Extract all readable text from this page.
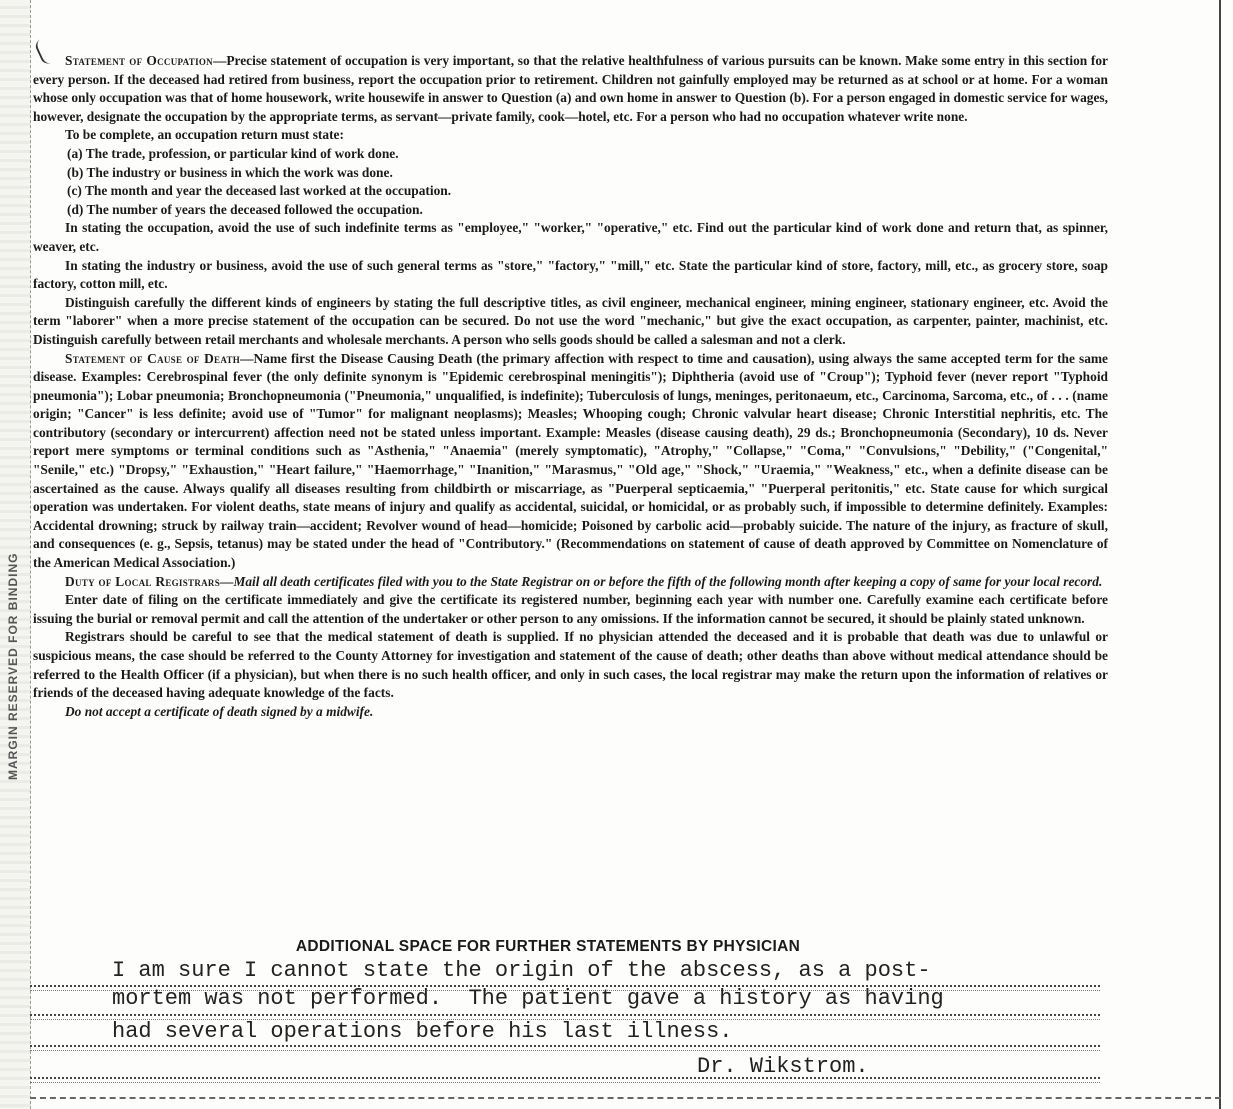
MARGIN RESERVED FOR BINDING

Statement of Occupation—Precise statement of occupation is very important, so that the relative healthfulness of various pursuits can be known. Make some entry in this section for every person. If the deceased had retired from business, report the occupation prior to retirement. Children not gainfully employed may be returned as at school or at home. For a woman whose only occupation was that of home housework, write housewife in answer to Question (a) and own home in answer to Question (b). For a person engaged in domestic service for wages, however, designate the occupation by the appropriate terms, as servant—private family, cook—hotel, etc. For a person who had no occupation whatever write none.

To be complete, an occupation return must state:

(a) The trade, profession, or particular kind of work done.
(b) The industry or business in which the work was done.
(c) The month and year the deceased last worked at the occupation.
(d) The number of years the deceased followed the occupation.

In stating the occupation, avoid the use of such indefinite terms as "employee," "worker," "operative," etc. Find out the particular kind of work done and return that, as spinner, weaver, etc.

In stating the industry or business, avoid the use of such general terms as "store," "factory," "mill," etc. State the particular kind of store, factory, mill, etc., as grocery store, soap factory, cotton mill, etc.

Distinguish carefully the different kinds of engineers by stating the full descriptive titles, as civil engineer, mechanical engineer, mining engineer, stationary engineer, etc. Avoid the term "laborer" when a more precise statement of the occupation can be secured. Do not use the word "mechanic," but give the exact occupation, as carpenter, painter, machinist, etc. Distinguish carefully between retail merchants and wholesale merchants. A person who sells goods should be called a salesman and not a clerk.

Statement of Cause of Death—Name first the Disease Causing Death (the primary affection with respect to time and causation), using always the same accepted term for the same disease. Examples: Cerebrospinal fever (the only definite synonym is "Epidemic cerebrospinal meningitis"); Diphtheria (avoid use of "Croup"); Typhoid fever (never report "Typhoid pneumonia"); Lobar pneumonia; Bronchopneumonia ("Pneumonia," unqualified, is indefinite); Tuberculosis of lungs, meninges, peritonaeum, etc., Carcinoma, Sarcoma, etc., of . . . (name origin; "Cancer" is less definite; avoid use of "Tumor" for malignant neoplasms); Measles; Whooping cough; Chronic valvular heart disease; Chronic Interstitial nephritis, etc. The contributory (secondary or intercurrent) affection need not be stated unless important. Example: Measles (disease causing death), 29 ds.; Bronchopneumonia (Secondary), 10 ds. Never report mere symptoms or terminal conditions such as "Asthenia," "Anaemia" (merely symptomatic), "Atrophy," "Collapse," "Coma," "Convulsions," "Debility," ("Congenital," "Senile," etc.) "Dropsy," "Exhaustion," "Heart failure," "Haemorrhage," "Inanition," "Marasmus," "Old age," "Shock," "Uraemia," "Weakness," etc., when a definite disease can be ascertained as the cause. Always qualify all diseases resulting from childbirth or miscarriage, as "Puerperal septicaemia," "Puerperal peritonitis," etc. State cause for which surgical operation was undertaken. For violent deaths, state means of injury and qualify as accidental, suicidal, or homicidal, or as probably such, if impossible to determine definitely. Examples: Accidental drowning; struck by railway train—accident; Revolver wound of head—homicide; Poisoned by carbolic acid—probably suicide. The nature of the injury, as fracture of skull, and consequences (e. g., Sepsis, tetanus) may be stated under the head of "Contributory." (Recommendations on statement of cause of death approved by Committee on Nomenclature of the American Medical Association.)

Duty of Local Registrars—Mail all death certificates filed with you to the State Registrar on or before the fifth of the following month after keeping a copy of same for your local record.

Enter date of filing on the certificate immediately and give the certificate its registered number, beginning each year with number one. Carefully examine each certificate before issuing the burial or removal permit and call the attention of the undertaker or other person to any omissions. If the information cannot be secured, it should be plainly stated unknown.

Registrars should be careful to see that the medical statement of death is supplied. If no physician attended the deceased and it is probable that death was due to unlawful or suspicious means, the case should be referred to the County Attorney for investigation and statement of the cause of death; other deaths than above without medical attendance should be referred to the Health Officer (if a physician), but when there is no such health officer, and only in such cases, the local registrar may make the return upon the information of relatives or friends of the deceased having adequate knowledge of the facts.

Do not accept a certificate of death signed by a midwife.

ADDITIONAL SPACE FOR FURTHER STATEMENTS BY PHYSICIAN
I am sure I cannot state the origin of the abscess, as a post-
mortem was not performed.  The patient gave a history as having
had several operations before his last illness.
Dr. Wikstrom.
